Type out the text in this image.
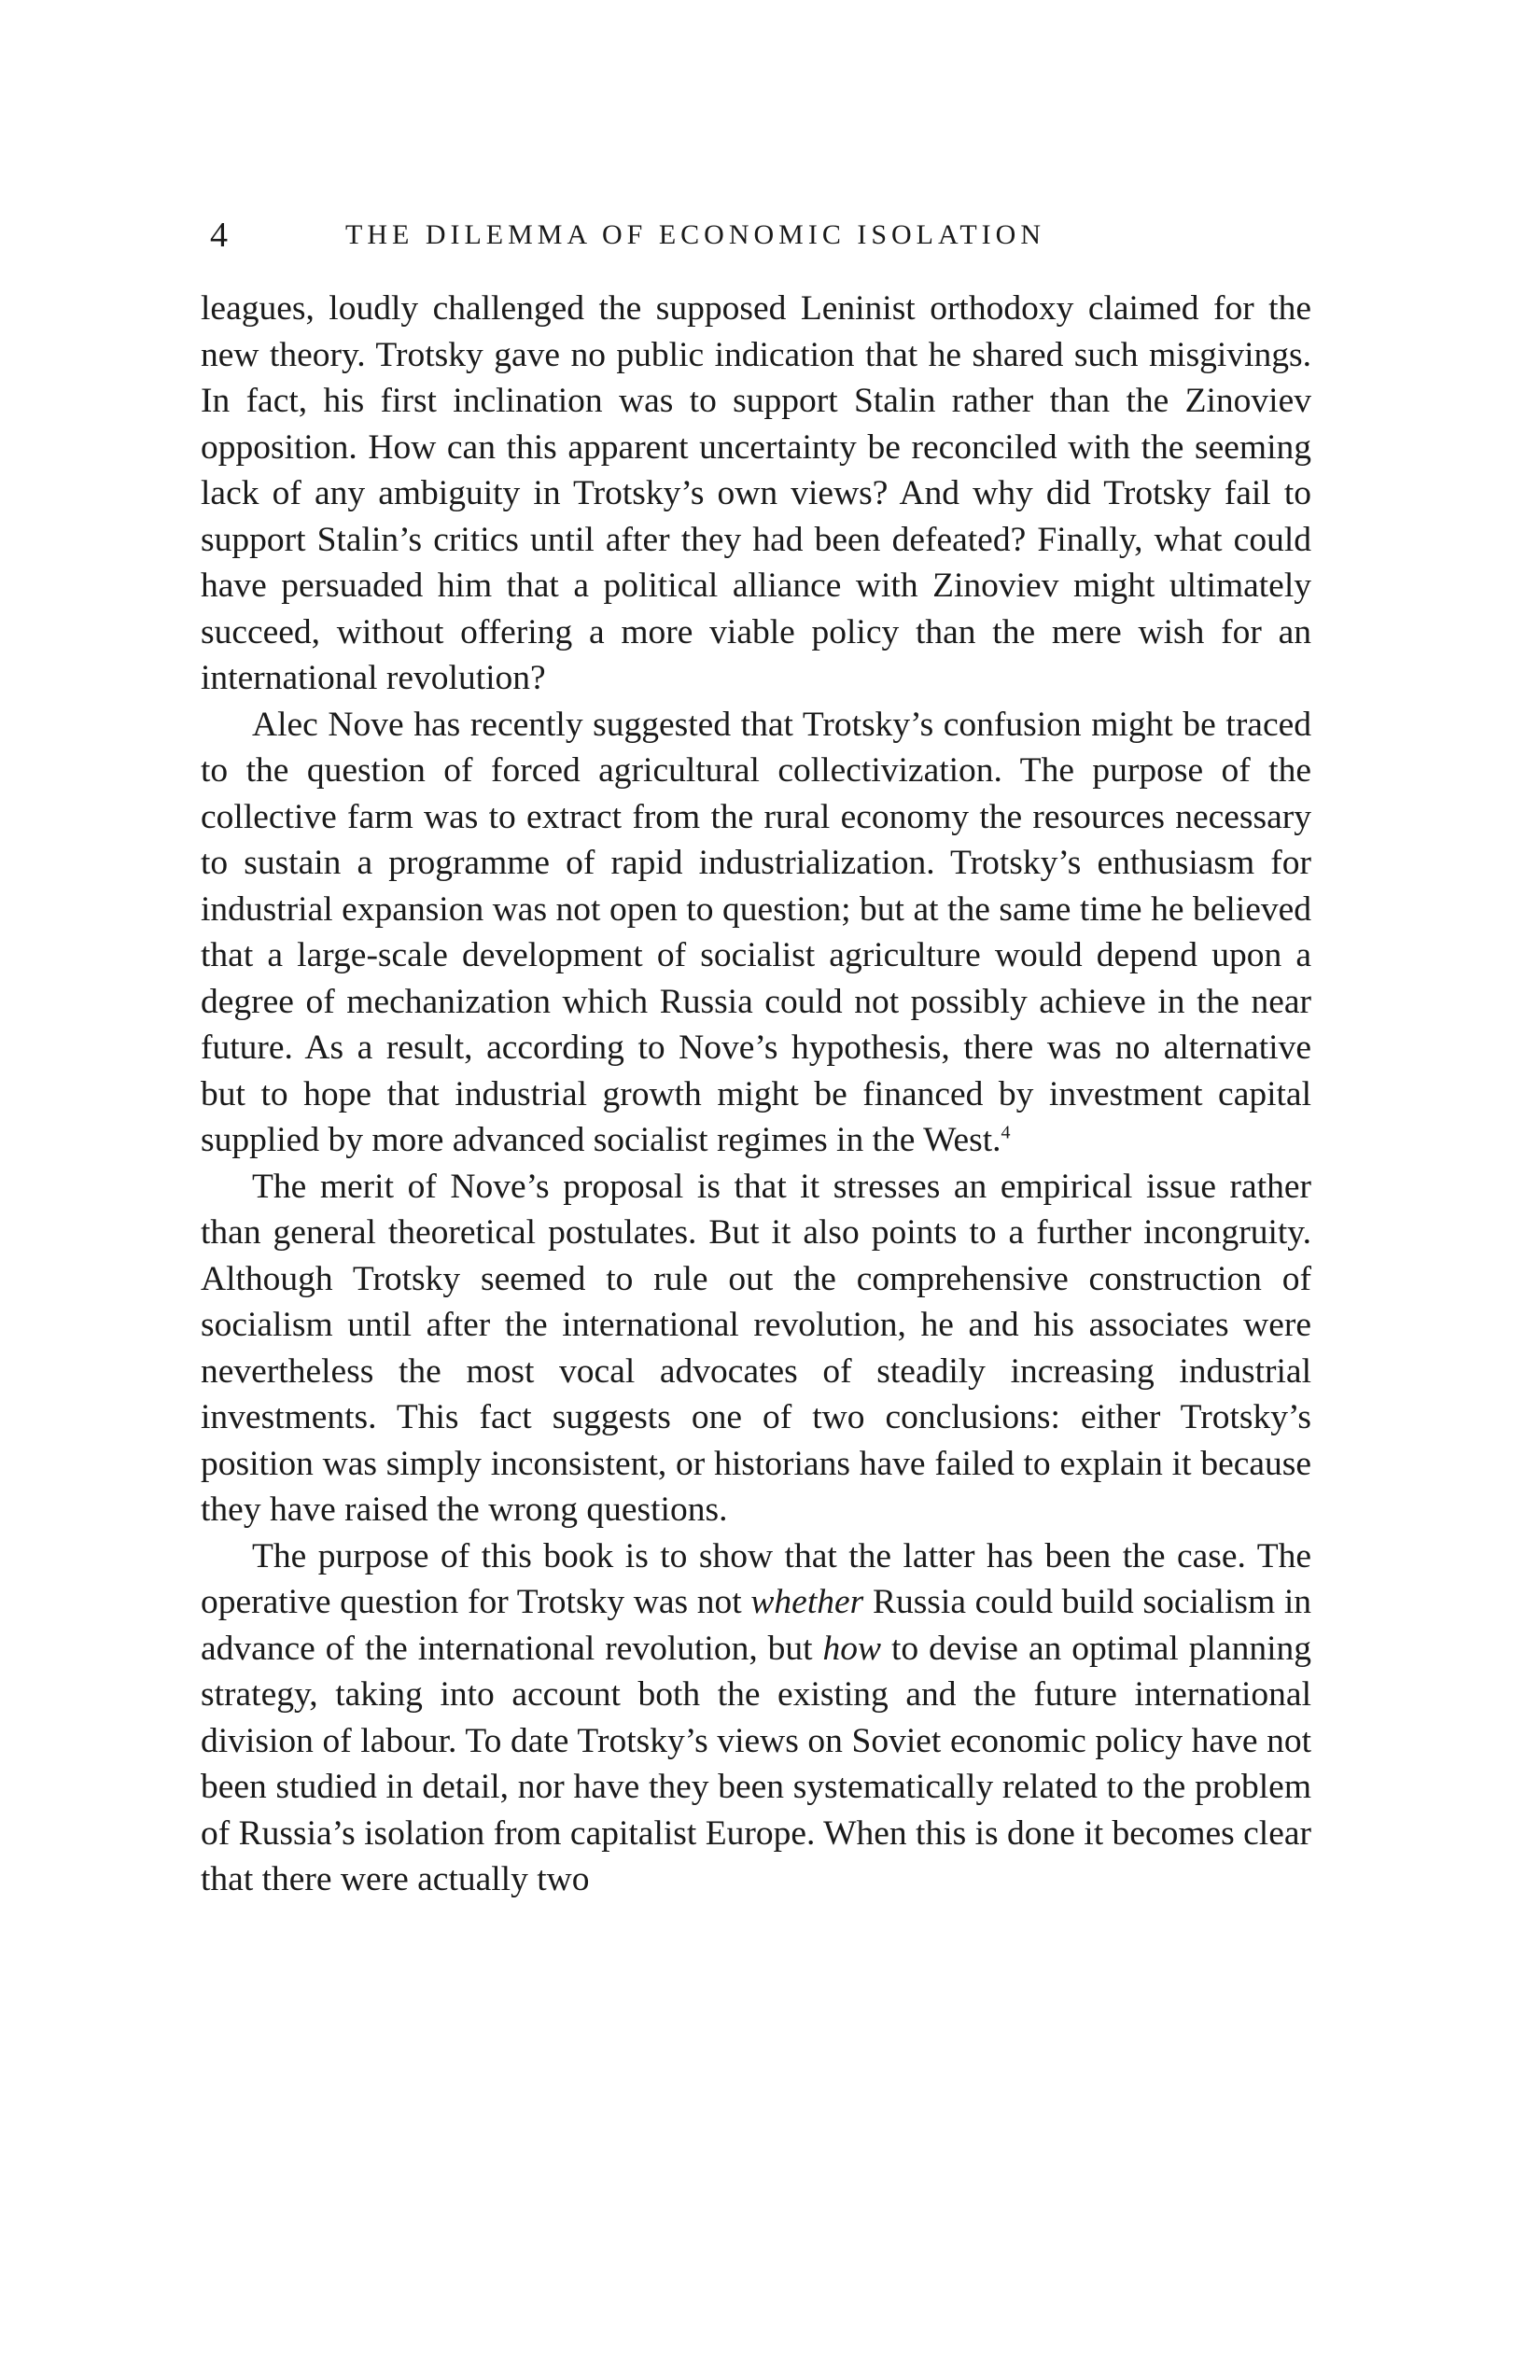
4	THE DILEMMA OF ECONOMIC ISOLATION

leagues, loudly challenged the supposed Leninist orthodoxy claimed for the new theory. Trotsky gave no public indication that he shared such misgivings. In fact, his first inclination was to support Stalin rather than the Zinoviev opposition. How can this apparent uncertainty be reconciled with the seeming lack of any ambiguity in Trotsky’s own views? And why did Trotsky fail to support Stalin’s critics until after they had been defeated? Finally, what could have persuaded him that a political alliance with Zinoviev might ultimately succeed, without offering a more viable policy than the mere wish for an international revolution?

Alec Nove has recently suggested that Trotsky’s confusion might be traced to the question of forced agricultural collectivization. The purpose of the collective farm was to extract from the rural economy the resources necessary to sustain a programme of rapid industrialization. Trotsky’s enthusiasm for industrial expansion was not open to question; but at the same time he believed that a large-scale development of socialist agriculture would depend upon a degree of mechanization which Russia could not possibly achieve in the near future. As a result, according to Nove’s hypothesis, there was no alternative but to hope that industrial growth might be financed by investment capital supplied by more advanced socialist regimes in the West.$^4$

The merit of Nove’s proposal is that it stresses an empirical issue rather than general theoretical postulates. But it also points to a further incongruity. Although Trotsky seemed to rule out the comprehensive construction of socialism until after the international revolution, he and his associates were nevertheless the most vocal advocates of steadily increasing industrial investments. This fact suggests one of two conclusions: either Trotsky’s position was simply inconsistent, or historians have failed to explain it because they have raised the wrong questions.

The purpose of this book is to show that the latter has been the case. The operative question for Trotsky was not whether Russia could build socialism in advance of the international revolution, but how to devise an optimal planning strategy, taking into account both the existing and the future international division of labour. To date Trotsky’s views on Soviet economic policy have not been studied in detail, nor have they been systematically related to the problem of Russia’s isolation from capitalist Europe. When this is done it becomes clear that there were actually two
